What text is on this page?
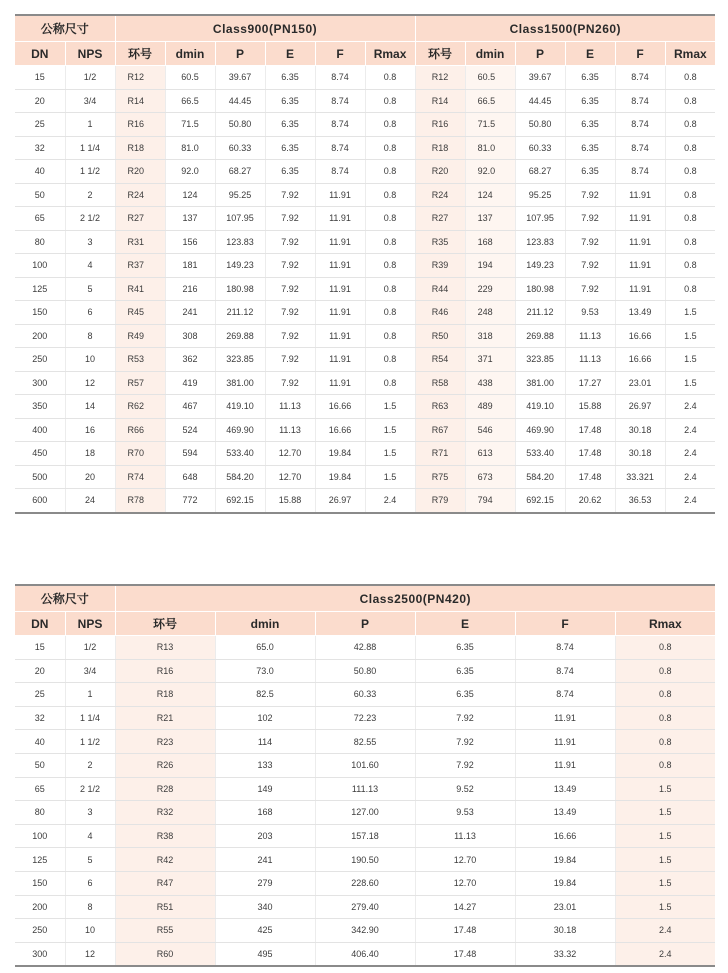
公称尺寸		Class900(PN150)						Class1500(PN260)					
DN	NPS	环号	dmin	P	E	F	Rmax	环号	dmin	P	E	F	Rmax
15	1/2	R12	60.5	39.67	6.35	8.74	0.8	R12	60.5	39.67	6.35	8.74	0.8
20	3/4	R14	66.5	44.45	6.35	8.74	0.8	R14	66.5	44.45	6.35	8.74	0.8
25	1	R16	71.5	50.80	6.35	8.74	0.8	R16	71.5	50.80	6.35	8.74	0.8
32	1 1/4	R18	81.0	60.33	6.35	8.74	0.8	R18	81.0	60.33	6.35	8.74	0.8
40	1 1/2	R20	92.0	68.27	6.35	8.74	0.8	R20	92.0	68.27	6.35	8.74	0.8
50	2	R24	124	95.25	7.92	11.91	0.8	R24	124	95.25	7.92	11.91	0.8
65	2 1/2	R27	137	107.95	7.92	11.91	0.8	R27	137	107.95	7.92	11.91	0.8
80	3	R31	156	123.83	7.92	11.91	0.8	R35	168	123.83	7.92	11.91	0.8
100	4	R37	181	149.23	7.92	11.91	0.8	R39	194	149.23	7.92	11.91	0.8
125	5	R41	216	180.98	7.92	11.91	0.8	R44	229	180.98	7.92	11.91	0.8
150	6	R45	241	211.12	7.92	11.91	0.8	R46	248	211.12	9.53	13.49	1.5
200	8	R49	308	269.88	7.92	11.91	0.8	R50	318	269.88	11.13	16.66	1.5
250	10	R53	362	323.85	7.92	11.91	0.8	R54	371	323.85	11.13	16.66	1.5
300	12	R57	419	381.00	7.92	11.91	0.8	R58	438	381.00	17.27	23.01	1.5
350	14	R62	467	419.10	11.13	16.66	1.5	R63	489	419.10	15.88	26.97	2.4
400	16	R66	524	469.90	11.13	16.66	1.5	R67	546	469.90	17.48	30.18	2.4
450	18	R70	594	533.40	12.70	19.84	1.5	R71	613	533.40	17.48	30.18	2.4
500	20	R74	648	584.20	12.70	19.84	1.5	R75	673	584.20	17.48	33.321	2.4
600	24	R78	772	692.15	15.88	26.97	2.4	R79	794	692.15	20.62	36.53	2.4
公称尺寸		Class2500(PN420)					
DN	NPS	环号	dmin	P	E	F	Rmax
15	1/2	R13	65.0	42.88	6.35	8.74	0.8
20	3/4	R16	73.0	50.80	6.35	8.74	0.8
25	1	R18	82.5	60.33	6.35	8.74	0.8
32	1 1/4	R21	102	72.23	7.92	11.91	0.8
40	1 1/2	R23	114	82.55	7.92	11.91	0.8
50	2	R26	133	101.60	7.92	11.91	0.8
65	2 1/2	R28	149	111.13	9.52	13.49	1.5
80	3	R32	168	127.00	9.53	13.49	1.5
100	4	R38	203	157.18	11.13	16.66	1.5
125	5	R42	241	190.50	12.70	19.84	1.5
150	6	R47	279	228.60	12.70	19.84	1.5
200	8	R51	340	279.40	14.27	23.01	1.5
250	10	R55	425	342.90	17.48	30.18	2.4
300	12	R60	495	406.40	17.48	33.32	2.4
